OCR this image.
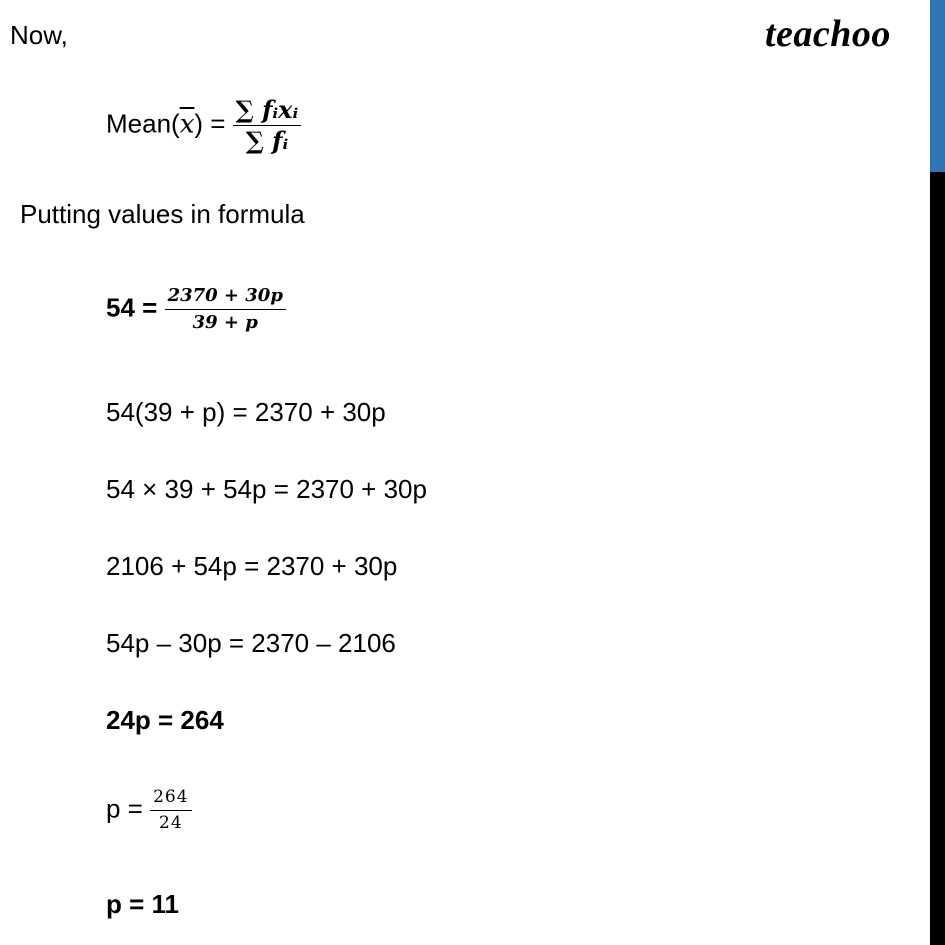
teachoo
Now,
$Mean(\overline{x}) = \frac{\text{∑ fᵢxᵢ}}{\text{∑ fᵢ}}$
Putting values in formula
$54 = \frac{2370 + 30p}{39 + p}$
54(39 + p) = 2370 + 30p
54 × 39 + 54p = 2370 + 30p
2106 + 54p = 2370 + 30p
54p – 30p = 2370 – 2106
24p = 264
$p = \frac{264}{24}$
p = 11
